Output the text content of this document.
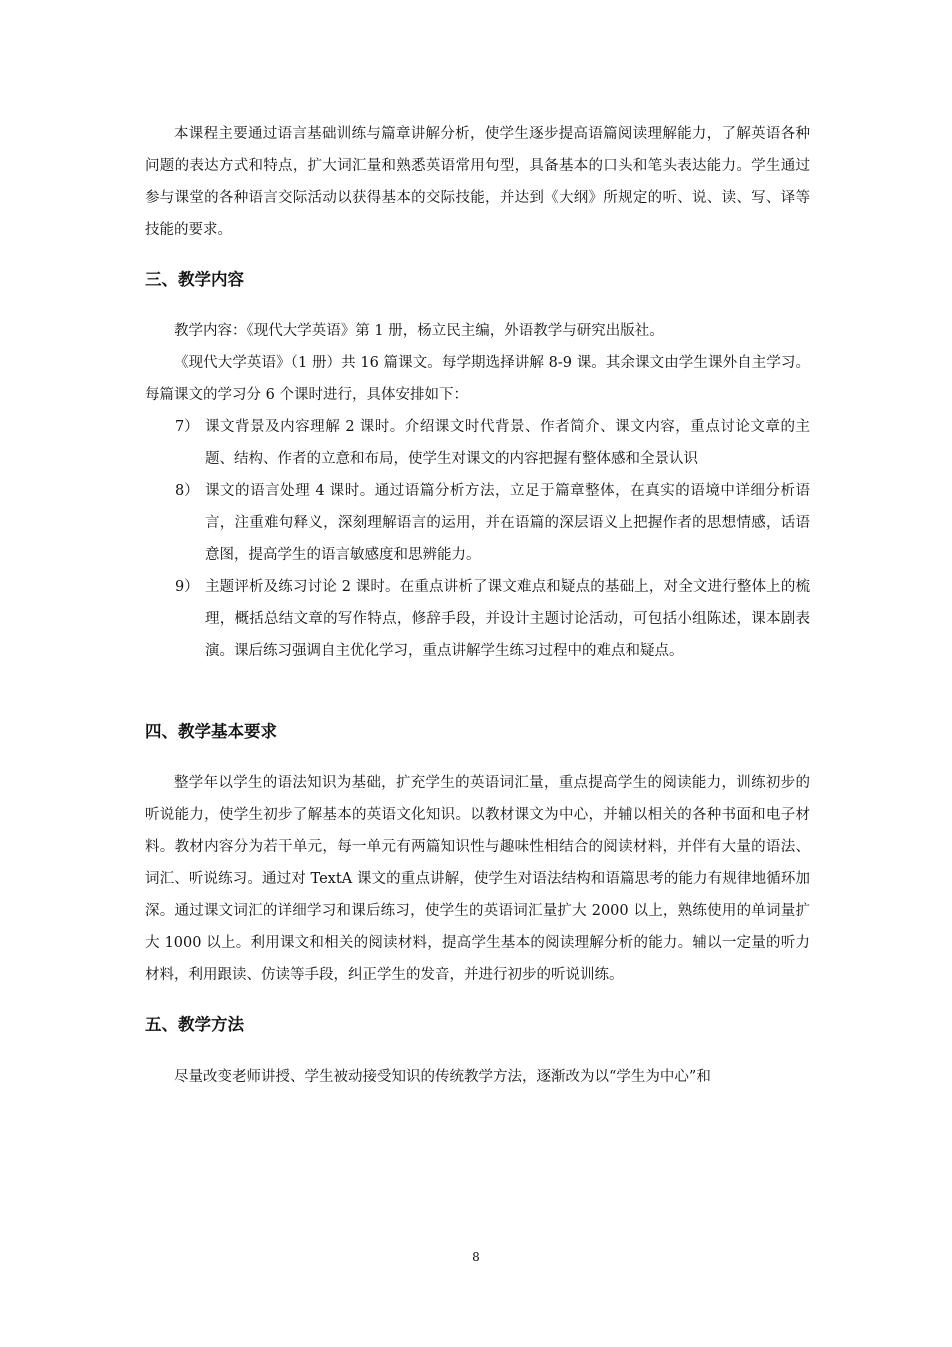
本课程主要通过语言基础训练与篇章讲解分析，使学生逐步提高语篇阅读理解能力，了解英语各种问题的表达方式和特点，扩大词汇量和熟悉英语常用句型，具备基本的口头和笔头表达能力。学生通过参与课堂的各种语言交际活动以获得基本的交际技能，并达到《大纲》所规定的听、说、读、写、译等技能的要求。

三、教学内容

教学内容：《现代大学英语》第 1 册，杨立民主编，外语教学与研究出版社。

《现代大学英语》（1 册）共 16 篇课文。每学期选择讲解 8-9 课。其余课文由学生课外自主学习。每篇课文的学习分 6 个课时进行，具体安排如下：

7） 课文背景及内容理解 2 课时。介绍课文时代背景、作者简介、课文内容，重点讨论文章的主题、结构、作者的立意和布局，使学生对课文的内容把握有整体感和全景认识
8） 课文的语言处理 4 课时。通过语篇分析方法，立足于篇章整体，在真实的语境中详细分析语言，注重难句释义，深刻理解语言的运用，并在语篇的深层语义上把握作者的思想情感，话语意图，提高学生的语言敏感度和思辨能力。
9） 主题评析及练习讨论 2 课时。在重点讲析了课文难点和疑点的基础上，对全文进行整体上的梳理，概括总结文章的写作特点，修辞手段，并设计主题讨论活动，可包括小组陈述，课本剧表演。课后练习强调自主优化学习，重点讲解学生练习过程中的难点和疑点。
四、教学基本要求

整学年以学生的语法知识为基础，扩充学生的英语词汇量，重点提高学生的阅读能力，训练初步的听说能力，使学生初步了解基本的英语文化知识。以教材课文为中心，并辅以相关的各种书面和电子材料。教材内容分为若干单元，每一单元有两篇知识性与趣味性相结合的阅读材料，并伴有大量的语法、词汇、听说练习。通过对 TextA 课文的重点讲解，使学生对语法结构和语篇思考的能力有规律地循环加深。通过课文词汇的详细学习和课后练习，使学生的英语词汇量扩大 2000 以上，熟练使用的单词量扩大 1000 以上。利用课文和相关的阅读材料，提高学生基本的阅读理解分析的能力。辅以一定量的听力材料，利用跟读、仿读等手段，纠正学生的发音，并进行初步的听说训练。

五、教学方法

尽量改变老师讲授、学生被动接受知识的传统教学方法，逐渐改为以“学生为中心”和

8
